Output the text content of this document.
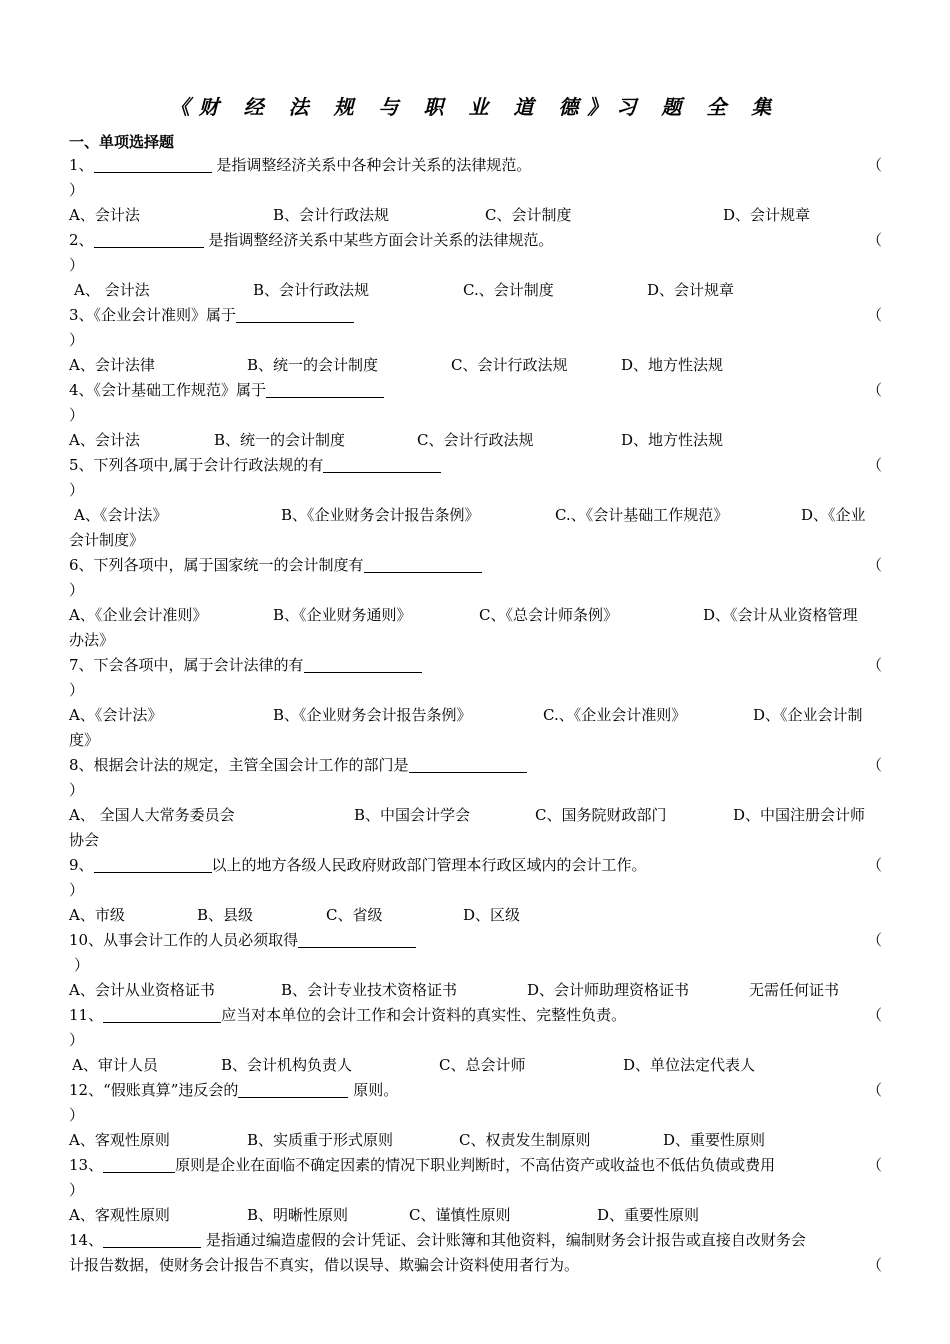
《财 经 法 规 与 职 业 道 德》习 题 全 集
一、单项选择题
1、	是指调整经济关系中各种会计关系的法律规范。	（
）
A、会计法	B、会计行政法规	C、会计制度	D、会计规章
2、	是指调整经济关系中某些方面会计关系的法律规范。	（
）
A、 会计法	B、会计行政法规	C.、会计制度	D、会计规章
3、《企业会计准则》属于	（
）
A、会计法律	B、统一的会计制度	C、会计行政法规	D、地方性法规
4、《会计基础工作规范》属于	（
）
A、会计法	B、统一的会计制度	C、会计行政法规	D、地方性法规
5、下列各项中,属于会计行政法规的有	（
）
A、《会计法》	B、《企业财务会计报告条例》	C.、《会计基础工作规范》	D、《企业
会计制度》
6、下列各项中，属于国家统一的会计制度有	（
）
A、《企业会计准则》	B、《企业财务通则》	C、《总会计师条例》	D、《会计从业资格管理
办法》
7、下会各项中，属于会计法律的有	（
）
A、《会计法》	B、《企业财务会计报告条例》	C.、《企业会计准则》	D、《企业会计制
度》
8、根据会计法的规定，主管全国会计工作的部门是	（
）
A、 全国人大常务委员会	B、中国会计学会	C、国务院财政部门	D、中国注册会计师
协会
9、	以上的地方各级人民政府财政部门管理本行政区域内的会计工作。	（
）
A、市级	B、县级	C、省级	D、区级
10、从事会计工作的人员必须取得	（
）
A、会计从业资格证书	B、会计专业技术资格证书	D、会计师助理资格证书	无需任何证书
11、	应当对本单位的会计工作和会计资料的真实性、完整性负责。	（
）
A、审计人员	B、会计机构负责人	C、总会计师	D、单位法定代表人
12、“假账真算”违反会的	原则。	（
）
A、客观性原则	B、实质重于形式原则	C、权责发生制原则	D、重要性原则
13、	原则是企业在面临不确定因素的情况下职业判断时，不高估资产或收益也不低估负债或费用	（
）
A、客观性原则	B、明晰性原则	C、谨慎性原则	D、重要性原则
14、	是指通过编造虚假的会计凭证、会计账簿和其他资料，编制财务会计报告或直接自改财务会
计报告数据，使财务会计报告不真实，借以误导、欺骗会计资料使用者行为。	（
